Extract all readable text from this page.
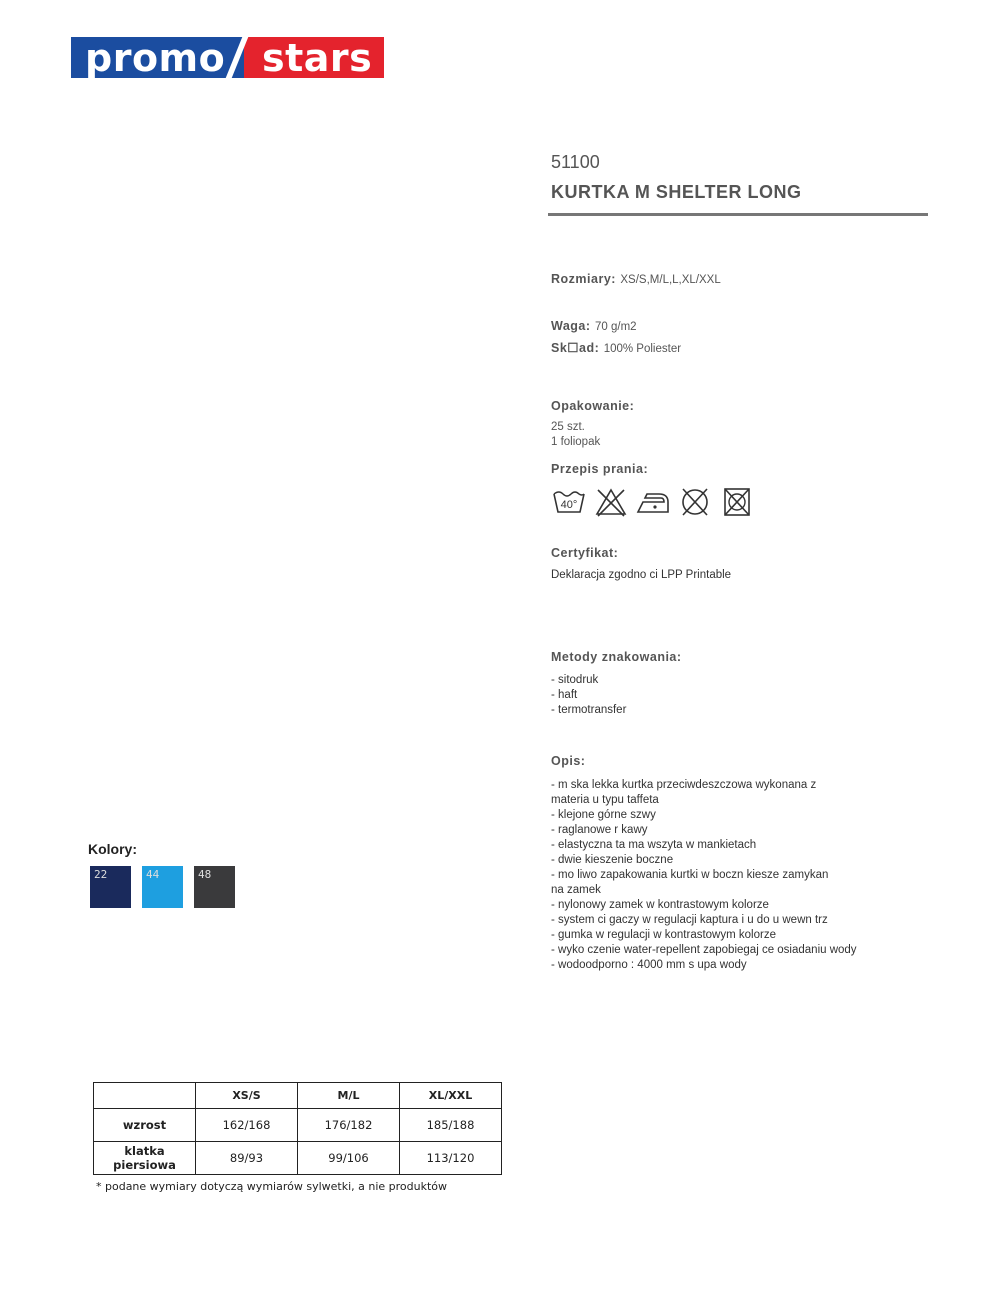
promo stars
51100
KURTKA M SHELTER LONG
Rozmiary: XS/S,M/L,L,XL/XXL
Waga: 70 g/m2
Sk☐ad: 100% Poliester
Opakowanie:
25 szt.
1 foliopak
Przepis prania:
40°
Certyfikat:
Deklaracja zgodno ci LPP Printable
Metody znakowania:
- sitodruk
- haft
- termotransfer
Opis:
- m ska lekka kurtka przeciwdeszczowa wykonana z
materia u typu taffeta
- klejone górne szwy
- raglanowe r kawy
- elastyczna ta ma wszyta w mankietach
- dwie kieszenie boczne
- mo liwo zapakowania kurtki w boczn kiesze zamykan
na zamek
- nylonowy zamek w kontrastowym kolorze
- system ci gaczy w regulacji kaptura i u do u wewn trz
- gumka w regulacji w kontrastowym kolorze
- wyko czenie water-repellent zapobiegaj ce osiadaniu wody
- wodoodporno : 4000 mm s upa wody
Kolory:
22	44	48
	XS/S	M/L	XL/XXL
wzrost	162/168	176/182	185/188
klatka piersiowa	89/93	99/106	113/120
* podane wymiary dotyczą wymiarów sylwetki, a nie produktów
